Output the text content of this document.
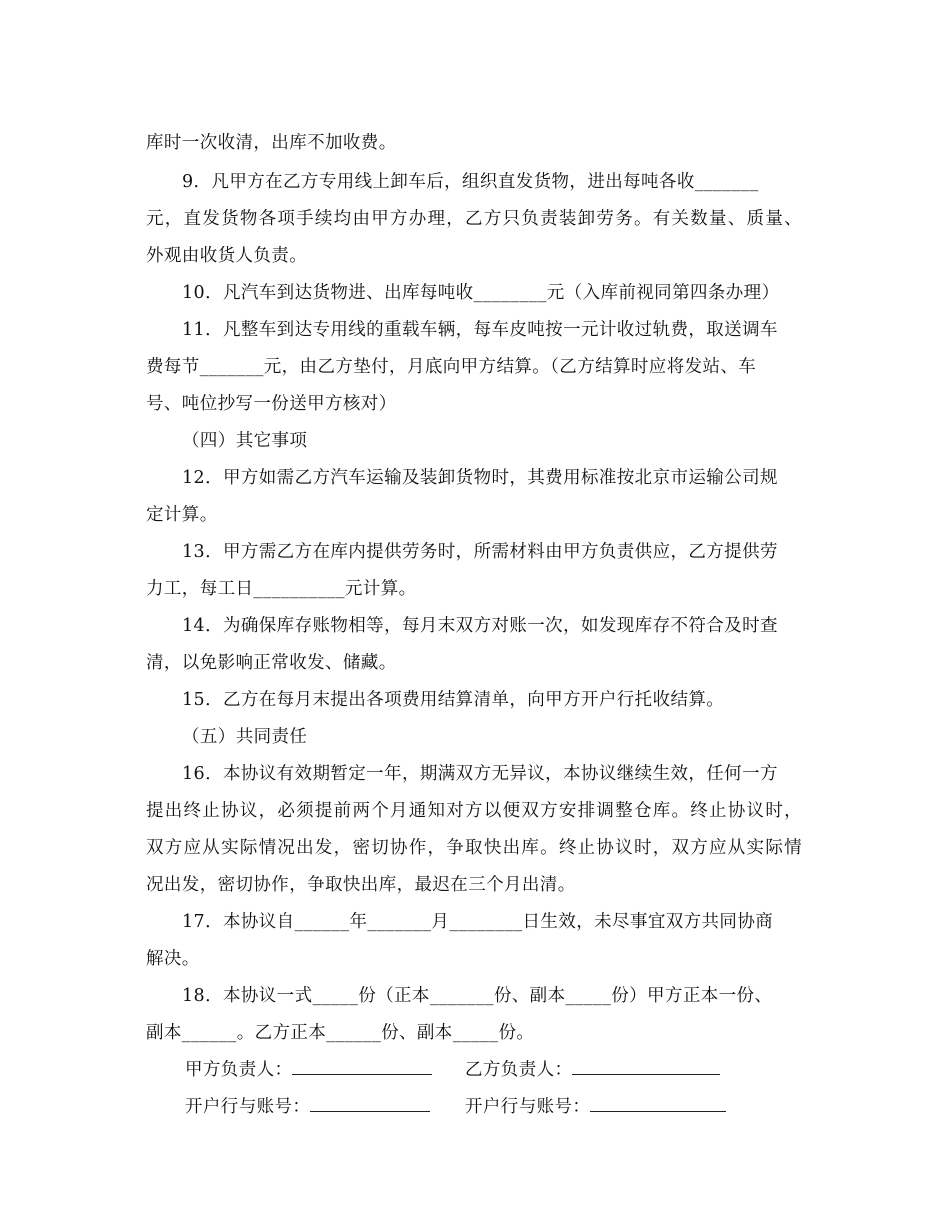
库时一次收清，出库不加收费。
9．凡甲方在乙方专用线上卸车后，组织直发货物，进出每吨各收_______
元，直发货物各项手续均由甲方办理，乙方只负责装卸劳务。有关数量、质量、
外观由收货人负责。
10．凡汽车到达货物进、出库每吨收________元（入库前视同第四条办理）
11．凡整车到达专用线的重载车辆，每车皮吨按一元计收过轨费，取送调车
费每节_______元，由乙方垫付，月底向甲方结算。（乙方结算时应将发站、车
号、吨位抄写一份送甲方核对）
（四）其它事项
12．甲方如需乙方汽车运输及装卸货物时，其费用标准按北京市运输公司规
定计算。
13．甲方需乙方在库内提供劳务时，所需材料由甲方负责供应，乙方提供劳
力工，每工日__________元计算。
14．为确保库存账物相等，每月末双方对账一次，如发现库存不符合及时查
清，以免影响正常收发、储藏。
15．乙方在每月末提出各项费用结算清单，向甲方开户行托收结算。
（五）共同责任
16．本协议有效期暂定一年，期满双方无异议，本协议继续生效，任何一方
提出终止协议，必须提前两个月通知对方以便双方安排调整仓库。终止协议时，
双方应从实际情况出发，密切协作，争取快出库。终止协议时，双方应从实际情
况出发，密切协作，争取快出库，最迟在三个月出清。
17．本协议自______年_______月________日生效，未尽事宜双方共同协商
解决。
18．本协议一式_____份（正本_______份、副本_____份）甲方正本一份、
副本______。乙方正本______份、副本_____份。
甲方负责人：	乙方负责人：
开户行与账号：	开户行与账号：
